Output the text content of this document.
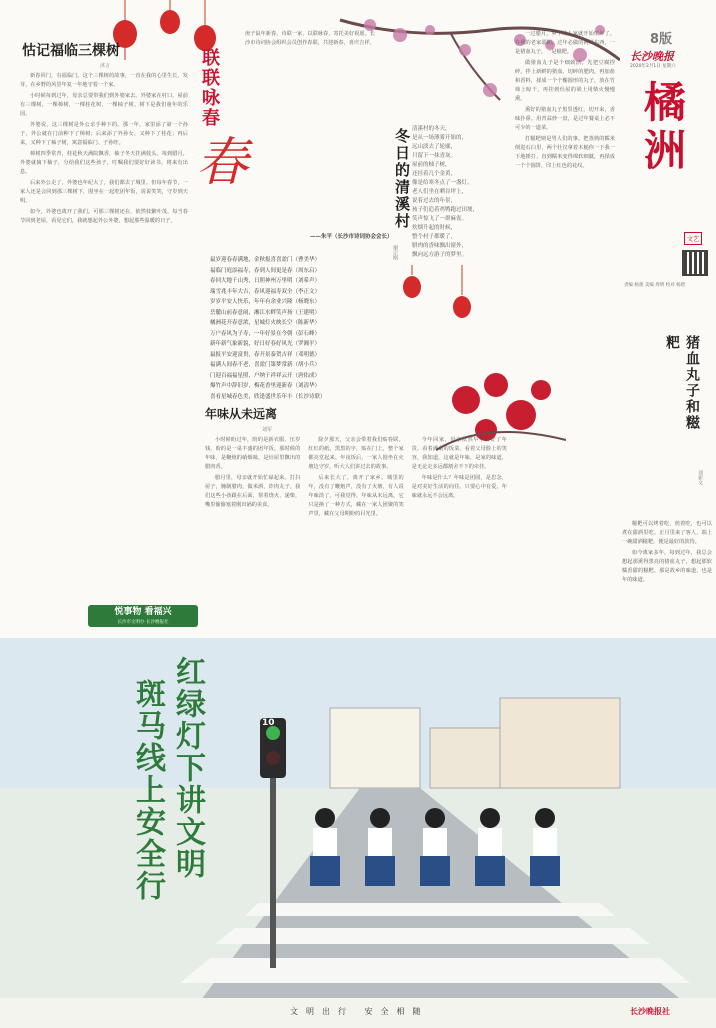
8版
长沙晚报
2020年2月1日 星期六
橘洲
文艺
责编 杨蕾 美编 周明 校对 杨碧
怙记福临三棵树
沐言

新春回门，有福临门。这个三棵树的故事，一直在我的心里生长，发芽，在乡野的风里年复一年地守着一个家。

小时候每到过年，母亲总要带我们到外婆家去。外婆家在村口，屋前有三棵树，一棵樟树，一棵桂花树，一棵柚子树。树下是我们童年的乐园。

外婆说，这三棵树是外公亲手种下的。那一年，家里添了第一个孙子，外公就在门前种下了樟树；后来添了外孙女，又种下了桂花；再后来，又种下了柚子树，寓意福临门、子孙旺。

樟树四季常青，桂花秋天满院飘香，柚子冬天挂满枝头。每到腊月，外婆就摘下柚子，分给我们这些孩子，叮嘱我们要好好读书，将来有出息。

后来外公走了，外婆也年纪大了，我们都去了城里。但每年春节，一家人还是会回到那三棵树下，围坐在一起吃团年饭，说说笑笑，守岁到天明。

如今，外婆也离开了我们。可那三棵树还在，依然枝繁叶茂。每当春节回到老屋，看见它们，我就想起外公外婆，想起那些温暖的日子。

联联咏春
春
庚子鼠年新春，诗联一家，以联咏春，寄托美好祝愿。长沙市诗词协会组织会员创作春联，共迎新春，喜庆吉祥。
——朱平（长沙市诗词协会会长）
鼠岁迎春春满地，金秋报喜喜盈门（曹美华）
福临门庭添福寿，春到人间更是春（周东启）
春回大地千山秀，日照神州万里明（刘希声）
瑞雪兆丰年大吉，春风迎福寿双全（李正文）
岁岁平安人快乐，年年有余业兴隆（杨晓东）
岳麓山前春意闹，湘江水畔笑声扬（王建明）
橘洲花开春意浓，星城灯火映长空（陈新华）
万户春风为子寿，一年好景在今朝（彭石峰）
新年新气象新貌，好日好春好风光（罗湘平）
鼠报平安迎富贵，春开景泰贺吉祥（邓明德）
福满人间春不老，喜盈门第梦常新（胡小兵）
门迎百福福星照，户纳千祥祥云开（唐佑成）
爆竹声中辞旧岁，梅花香里迎新春（刘清华）
喜看星城春色美，欣逢盛世乐年丰（长沙诗联）
冬日的清溪村
谢宗刚
清溪村的冬天，
是从一场薄雾开始的，
远山淡去了轮廓，
只留下一抹青灰。
屋前的柚子树，
还挂着几个金黄，
像是给寒冬点了一盏灯。
老人们坐在晒谷坪上，
说着过去的年景，
孩子们追着鸡鸭跑过田埂，
笑声惊飞了一群麻雀。
炊烟升起的时候，
整个村子都暖了，
腊肉的香味飘出窗外，
飘向远方游子的梦里。
年味从未远离
刘军

小时候盼过年，盼的是新衣服、压岁钱，盼的是一桌丰盛的团年饭。那时候的年味，是鞭炮的硝烟味，是灶屋里飘出的腊肉香。

腊月里，母亲就开始忙碌起来。打扫屋子，腌制腊肉，做米酒，炸肉丸子。我们这些小孩跟在后面，帮着烧火、递柴，嘴里偷偷塞着刚出锅的美食。

除夕那天，父亲会带着我们贴春联。红红的纸，黑黑的字，贴在门上，整个家都亮堂起来。年夜饭后，一家人围坐在火塘边守岁，听大人们讲过去的故事。

后来长大了，离开了家乡。城里的年，没有了鞭炮声，没有了火塘，有人说年味淡了。可我觉得，年味从未远离，它只是换了一种方式，藏在一家人团聚的笑声里，藏在父母期盼的目光里。

今年回家，母亲依然早早备好了年货。看着满桌的饭菜，看着父母脸上的笑容，我知道，这就是年味，是家的味道，是无论走多远都割舍不下的牵挂。

年味是什么？年味是团圆，是思念，是对美好生活的向往。只要心中有爱，年味就永远不会远离。

猪血丸子和糍粑
刘新文

一过腊月，乡下的人家就开始忙年了。在我的老家邵阳，过年必做的两样东西，一是猪血丸子，一是糍粑。

做猪血丸子是个细致活。先把豆腐捏碎，拌上新鲜的猪血、切碎的肥肉，再加盐和香料，揉成一个个椭圆形的丸子，放在竹筛上晾干，再挂到灶屋的梁上用柴火慢慢熏。

熏好的猪血丸子黑里透红，切开来，香味扑鼻。用青蒜炒一盘，是过年餐桌上必不可少的一道菜。

打糍粑则是男人们的事。把蒸熟的糯米倒进石臼里，两个壮汉拿着木槌你一下我一下地捶打，直到糯米变得绵软细腻，再揉成一个个圆饼，印上红色的花纹。

糍粑可以烤着吃，煎着吃，也可以煮在甜酒里吃。正月里来了客人，端上一碗甜酒糍粑，便是最好的款待。

如今离家多年，每到过年，我总会想起那熏得黑亮的猪血丸子，想起那软糯香甜的糍粑。那是故乡的味道，也是年的味道。

悦事物 看福兴
长沙市文明办 长沙晚报社
10
红绿灯下讲文明
斑马线上安全行
文明出行 安全相随	长沙晚报社
